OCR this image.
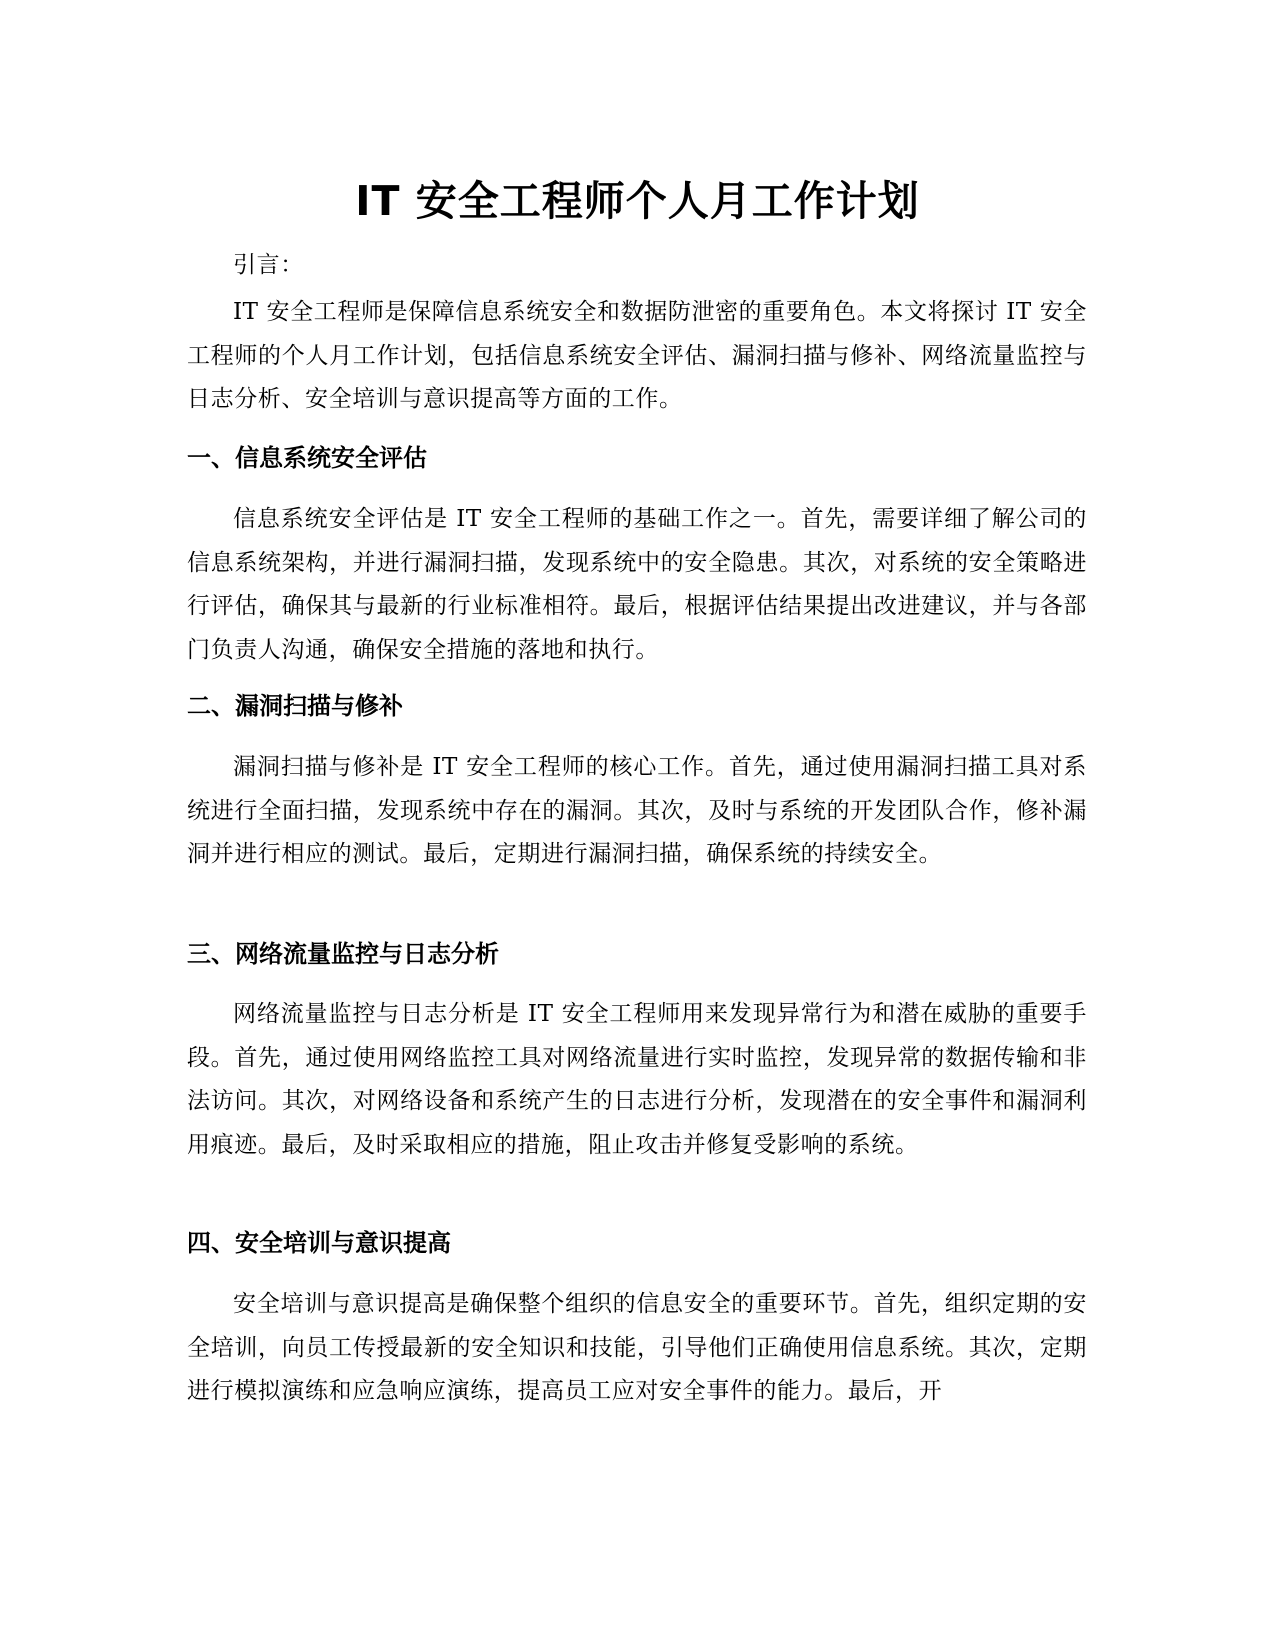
IT 安全工程师个人月工作计划

引言：

IT 安全工程师是保障信息系统安全和数据防泄密的重要角色。本文将探讨 IT 安全工程师的个人月工作计划，包括信息系统安全评估、漏洞扫描与修补、网络流量监控与日志分析、安全培训与意识提高等方面的工作。

一、信息系统安全评估

信息系统安全评估是 IT 安全工程师的基础工作之一。首先，需要详细了解公司的信息系统架构，并进行漏洞扫描，发现系统中的安全隐患。其次，对系统的安全策略进行评估，确保其与最新的行业标准相符。最后，根据评估结果提出改进建议，并与各部门负责人沟通，确保安全措施的落地和执行。

二、漏洞扫描与修补

漏洞扫描与修补是 IT 安全工程师的核心工作。首先，通过使用漏洞扫描工具对系统进行全面扫描，发现系统中存在的漏洞。其次，及时与系统的开发团队合作，修补漏洞并进行相应的测试。最后，定期进行漏洞扫描，确保系统的持续安全。

三、网络流量监控与日志分析

网络流量监控与日志分析是 IT 安全工程师用来发现异常行为和潜在威胁的重要手段。首先，通过使用网络监控工具对网络流量进行实时监控，发现异常的数据传输和非法访问。其次，对网络设备和系统产生的日志进行分析，发现潜在的安全事件和漏洞利用痕迹。最后，及时采取相应的措施，阻止攻击并修复受影响的系统。

四、安全培训与意识提高

安全培训与意识提高是确保整个组织的信息安全的重要环节。首先，组织定期的安全培训，向员工传授最新的安全知识和技能，引导他们正确使用信息系统。其次，定期进行模拟演练和应急响应演练，提高员工应对安全事件的能力。最后，开
